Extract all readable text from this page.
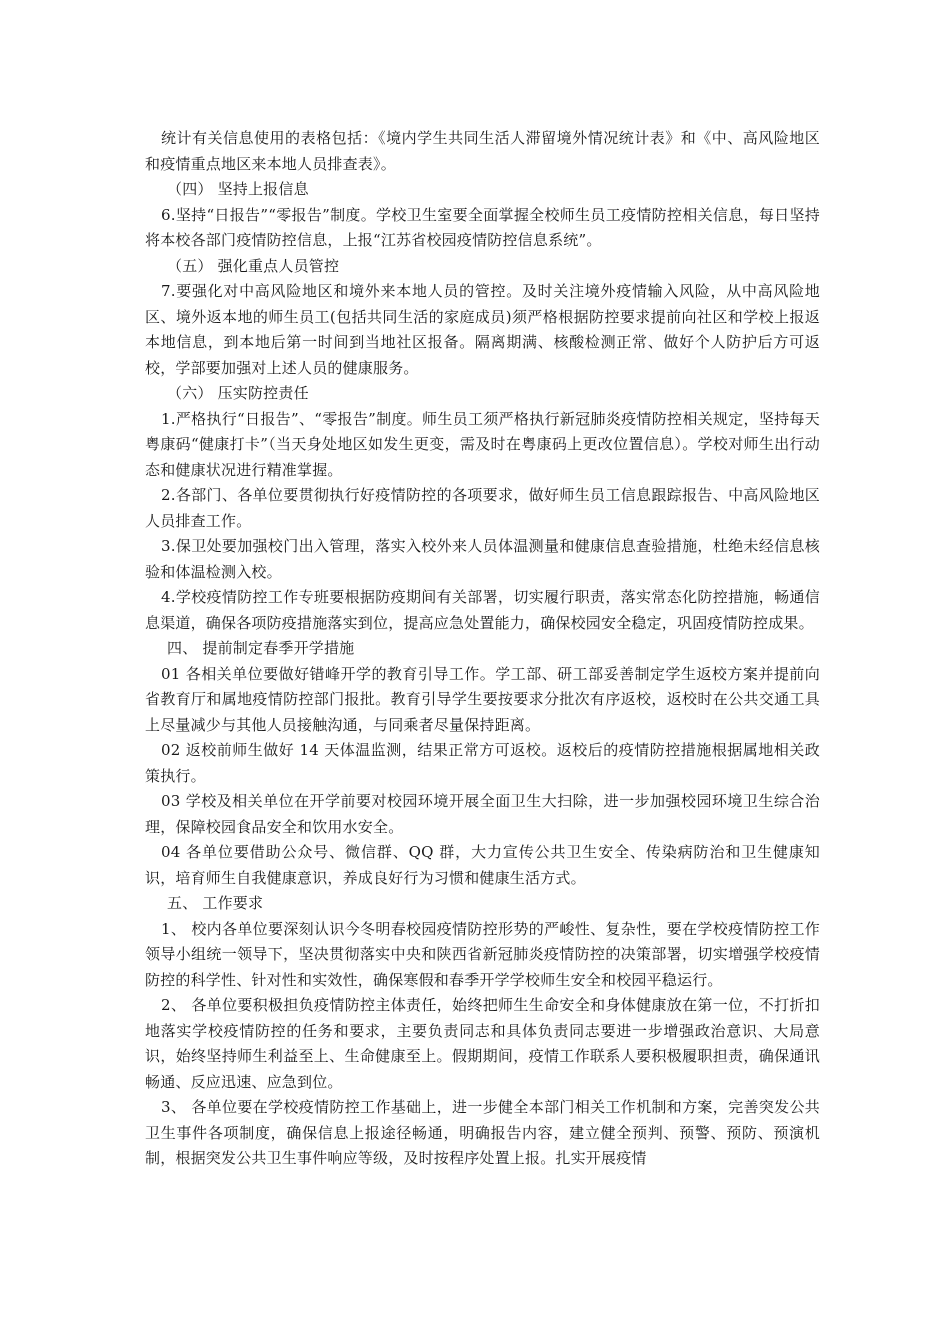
统计有关信息使用的表格包括：《境内学生共同生活人滞留境外情况统计表》和《中、高风险地区和疫情重点地区来本地人员排查表》。

（四） 坚持上报信息

6.坚持“日报告”“零报告”制度。学校卫生室要全面掌握全校师生员工疫情防控相关信息，每日坚持将本校各部门疫情防控信息，上报“江苏省校园疫情防控信息系统”。

（五） 强化重点人员管控

7.要强化对中高风险地区和境外来本地人员的管控。及时关注境外疫情输入风险，从中高风险地区、境外返本地的师生员工(包括共同生活的家庭成员)须严格根据防控要求提前向社区和学校上报返本地信息，到本地后第一时间到当地社区报备。隔离期满、核酸检测正常、做好个人防护后方可返校，学部要加强对上述人员的健康服务。

（六） 压实防控责任

1.严格执行“日报告”、“零报告”制度。师生员工须严格执行新冠肺炎疫情防控相关规定，坚持每天粤康码“健康打卡”（当天身处地区如发生更变，需及时在粤康码上更改位置信息）。学校对师生出行动态和健康状况进行精准掌握。

2.各部门、各单位要贯彻执行好疫情防控的各项要求，做好师生员工信息跟踪报告、中高风险地区人员排查工作。

3.保卫处要加强校门出入管理，落实入校外来人员体温测量和健康信息查验措施，杜绝未经信息核验和体温检测入校。

4.学校疫情防控工作专班要根据防疫期间有关部署，切实履行职责，落实常态化防控措施，畅通信息渠道，确保各项防疫措施落实到位，提高应急处置能力，确保校园安全稳定，巩固疫情防控成果。

四、 提前制定春季开学措施

01 各相关单位要做好错峰开学的教育引导工作。学工部、研工部妥善制定学生返校方案并提前向省教育厅和属地疫情防控部门报批。教育引导学生要按要求分批次有序返校，返校时在公共交通工具上尽量减少与其他人员接触沟通，与同乘者尽量保持距离。

02 返校前师生做好 14 天体温监测，结果正常方可返校。返校后的疫情防控措施根据属地相关政策执行。

03 学校及相关单位在开学前要对校园环境开展全面卫生大扫除，进一步加强校园环境卫生综合治理，保障校园食品安全和饮用水安全。

04 各单位要借助公众号、微信群、QQ 群，大力宣传公共卫生安全、传染病防治和卫生健康知识，培育师生自我健康意识，养成良好行为习惯和健康生活方式。

五、 工作要求

1、 校内各单位要深刻认识今冬明春校园疫情防控形势的严峻性、复杂性，要在学校疫情防控工作领导小组统一领导下，坚决贯彻落实中央和陕西省新冠肺炎疫情防控的决策部署，切实增强学校疫情防控的科学性、针对性和实效性，确保寒假和春季开学学校师生安全和校园平稳运行。

2、 各单位要积极担负疫情防控主体责任，始终把师生生命安全和身体健康放在第一位，不打折扣地落实学校疫情防控的任务和要求，主要负责同志和具体负责同志要进一步增强政治意识、大局意识，始终坚持师生利益至上、生命健康至上。假期期间，疫情工作联系人要积极履职担责，确保通讯畅通、反应迅速、应急到位。

3、 各单位要在学校疫情防控工作基础上，进一步健全本部门相关工作机制和方案，完善突发公共卫生事件各项制度，确保信息上报途径畅通，明确报告内容，建立健全预判、预警、预防、预演机制，根据突发公共卫生事件响应等级，及时按程序处置上报。扎实开展疫情
